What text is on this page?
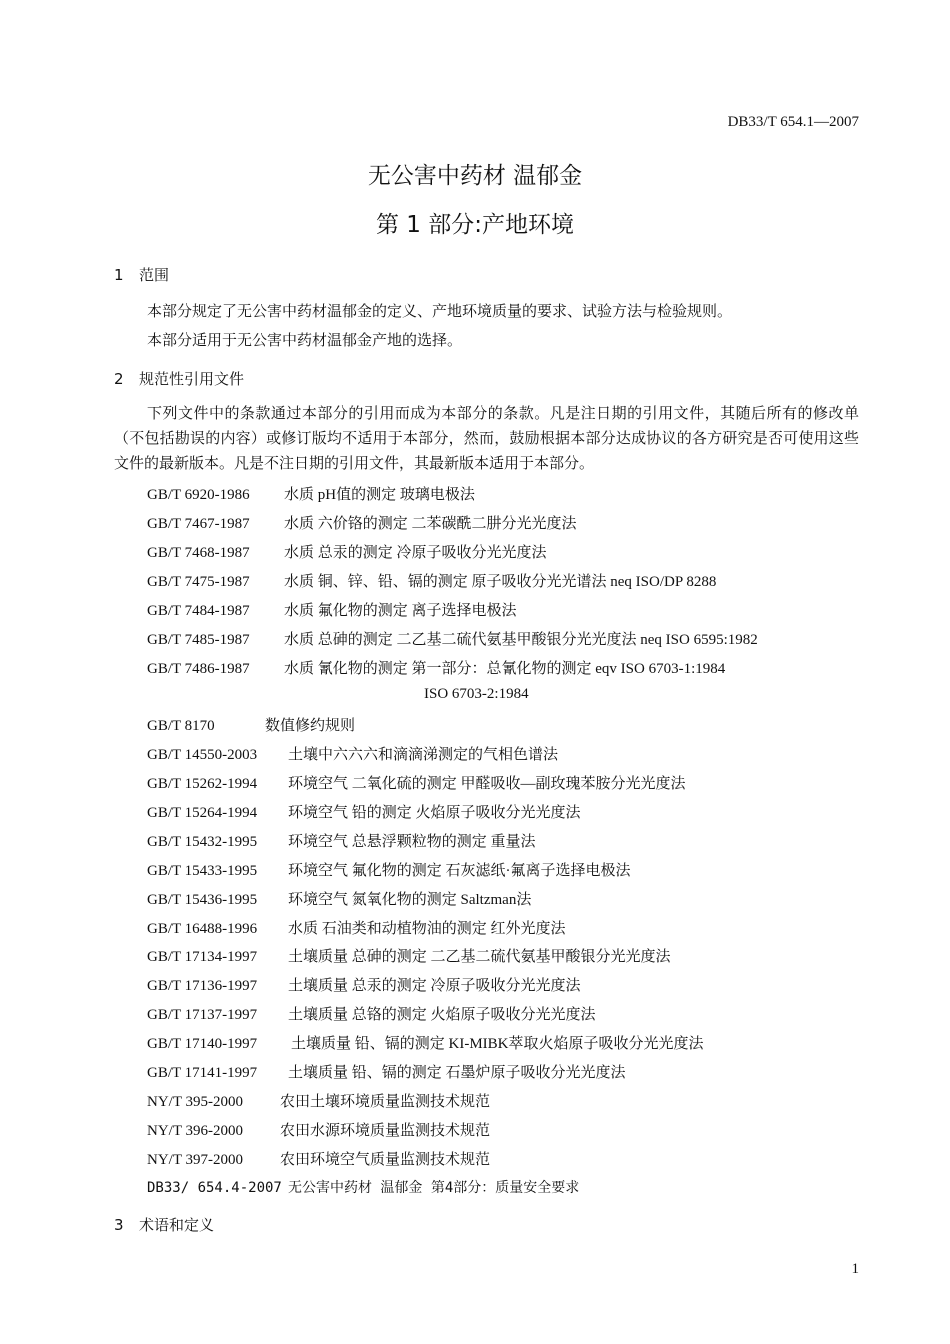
DB33/T 654.1—2007
无公害中药材 温郁金
第 1 部分:产地环境
1 范围
本部分规定了无公害中药材温郁金的定义、产地环境质量的要求、试验方法与检验规则。
本部分适用于无公害中药材温郁金产地的选择。
2 规范性引用文件
下列文件中的条款通过本部分的引用而成为本部分的条款。凡是注日期的引用文件，其随后所有的修改单（不包括勘误的内容）或修订版均不适用于本部分，然而，鼓励根据本部分达成协议的各方研究是否可使用这些文件的最新版本。凡是不注日期的引用文件，其最新版本适用于本部分。
GB/T 6920-1986 水质 pH值的测定 玻璃电极法
GB/T 7467-1987 水质 六价铬的测定 二苯碳酰二肼分光光度法
GB/T 7468-1987 水质 总汞的测定 冷原子吸收分光光度法
GB/T 7475-1987 水质 铜、锌、铅、镉的测定 原子吸收分光光谱法 neq ISO/DP 8288
GB/T 7484-1987 水质 氟化物的测定 离子选择电极法
GB/T 7485-1987 水质 总砷的测定 二乙基二硫代氨基甲酸银分光光度法 neq ISO 6595:1982
GB/T 7486-1987 水质 氰化物的测定 第一部分：总氰化物的测定 eqv ISO 6703-1:1984
ISO 6703-2:1984
GB/T 8170	数值修约规则
GB/T 14550-2003 土壤中六六六和滴滴涕测定的气相色谱法
GB/T 15262-1994 环境空气 二氧化硫的测定 甲醛吸收—副玫瑰苯胺分光光度法
GB/T 15264-1994 环境空气 铅的测定 火焰原子吸收分光光度法
GB/T 15432-1995 环境空气 总悬浮颗粒物的测定 重量法
GB/T 15433-1995 环境空气 氟化物的测定 石灰滤纸·氟离子选择电极法
GB/T 15436-1995 环境空气 氮氧化物的测定 Saltzman法
GB/T 16488-1996 水质 石油类和动植物油的测定 红外光度法
GB/T 17134-1997 土壤质量 总砷的测定 二乙基二硫代氨基甲酸银分光光度法
GB/T 17136-1997 土壤质量 总汞的测定 冷原子吸收分光光度法
GB/T 17137-1997 土壤质量 总铬的测定 火焰原子吸收分光光度法
GB/T 17140-1997 土壤质量 铅、镉的测定 KI-MIBK萃取火焰原子吸收分光光度法
GB/T 17141-1997 土壤质量 铅、镉的测定 石墨炉原子吸收分光光度法
NY/T 395-2000 农田土壤环境质量监测技术规范
NY/T 396-2000 农田水源环境质量监测技术规范
NY/T 397-2000 农田环境空气质量监测技术规范
DB33/ 654.4-2007 无公害中药材 温郁金 第4部分：质量安全要求
3 术语和定义
1
